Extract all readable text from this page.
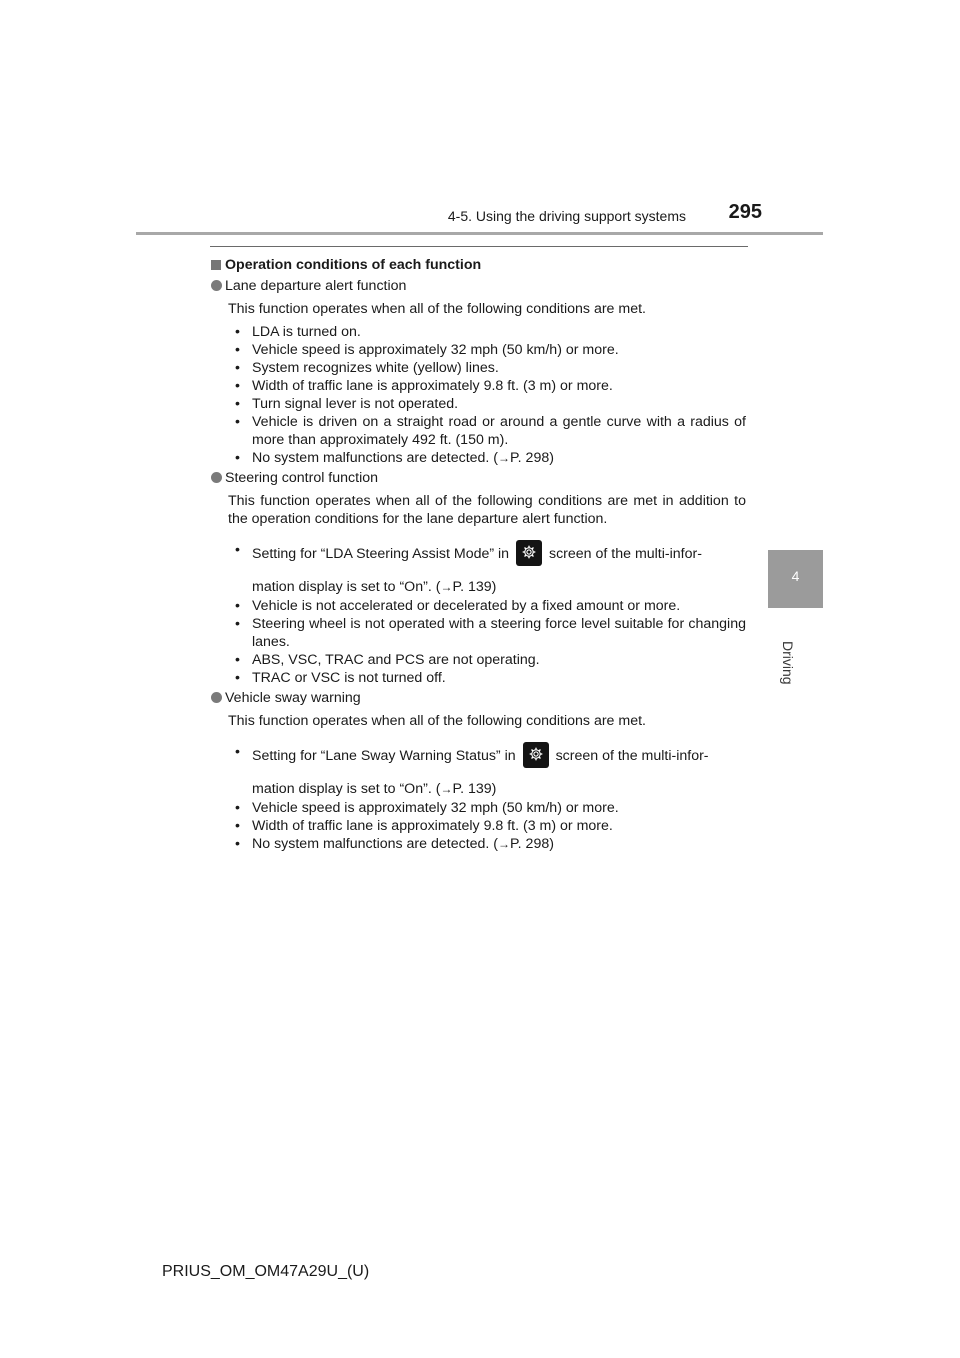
4-5. Using the driving support systems	295
4
Driving
Operation conditions of each function
Lane departure alert function

This function operates when all of the following conditions are met.

• LDA is turned on.
• Vehicle speed is approximately 32 mph (50 km/h) or more.
• System recognizes white (yellow) lines.
• Width of traffic lane is approximately 9.8 ft. (3 m) or more.
• Turn signal lever is not operated.
• Vehicle is driven on a straight road or around a gentle curve with a radius of more than approximately 492 ft. (150 m).
• No system malfunctions are detected. (→P. 298)
Steering control function

This function operates when all of the following conditions are met in addition to the operation conditions for the lane departure alert function.

• Setting for “LDA Steering Assist Mode” in	screen of the multi-infor-
mation display is set to “On”. (→P. 139)
• Vehicle is not accelerated or decelerated by a fixed amount or more.
• Steering wheel is not operated with a steering force level suitable for changing lanes.
• ABS, VSC, TRAC and PCS are not operating.
• TRAC or VSC is not turned off.
Vehicle sway warning

This function operates when all of the following conditions are met.

• Setting for “Lane Sway Warning Status” in	screen of the multi-infor-
mation display is set to “On”. (→P. 139)
• Vehicle speed is approximately 32 mph (50 km/h) or more.
• Width of traffic lane is approximately 9.8 ft. (3 m) or more.
• No system malfunctions are detected. (→P. 298)
PRIUS_OM_OM47A29U_(U)
